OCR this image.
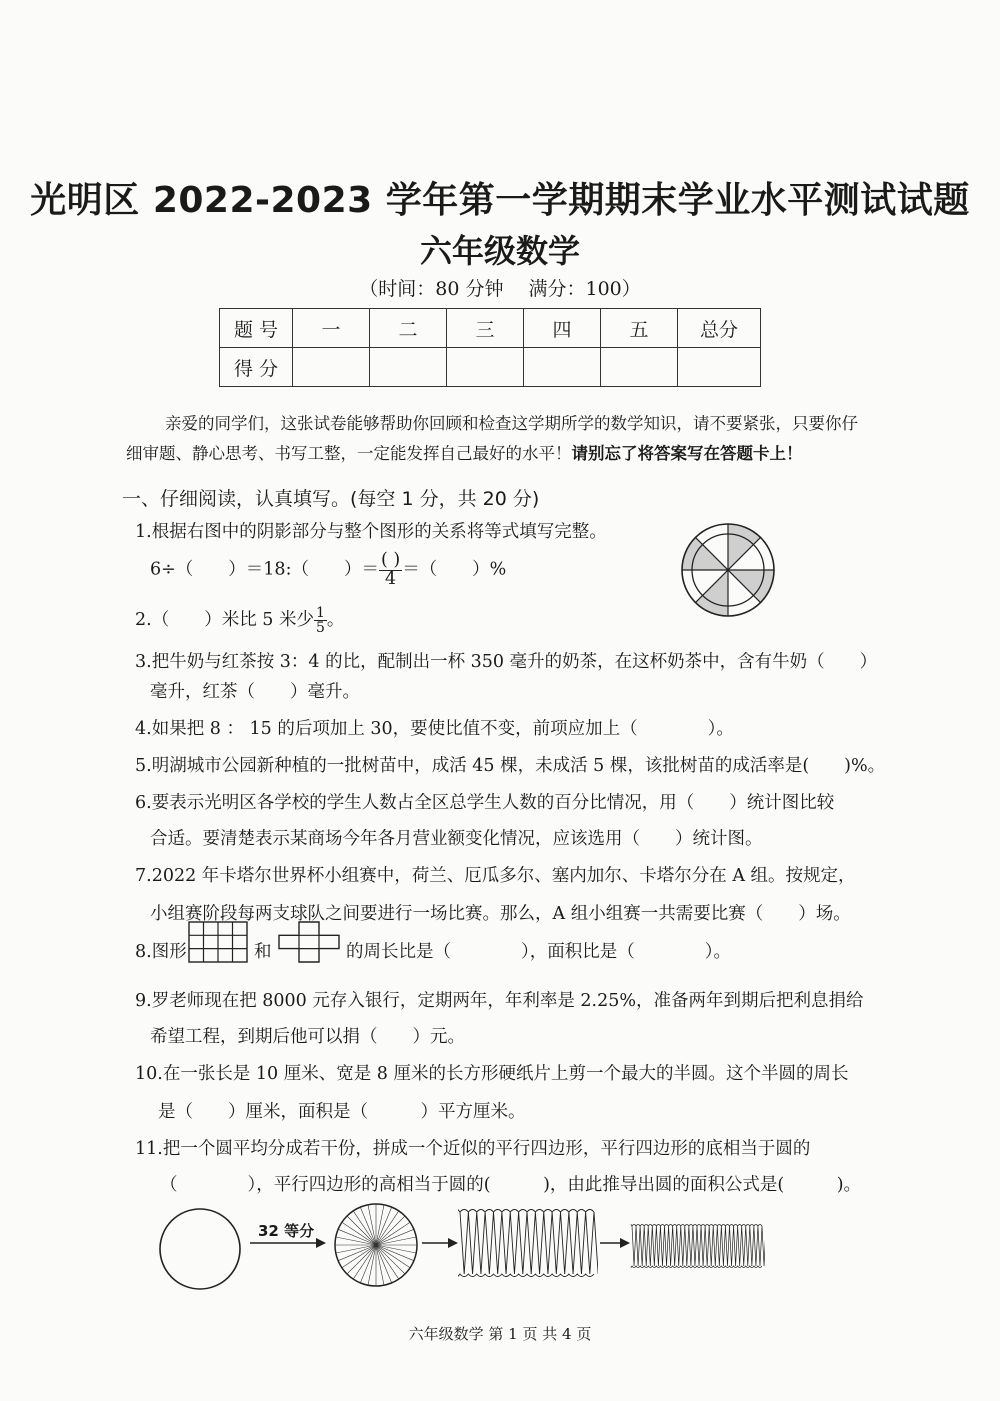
光明区 2022-2023 学年第一学期期末学业水平测试试题
六年级数学
（时间：80 分钟　 满分：100）
题 号	一	二	三	四	五	总分
得 分						
亲爱的同学们，这张试卷能够帮助你回顾和检查这学期所学的数学知识，请不要紧张，只要你仔
细审题、静心思考、书写工整，一定能发挥自己最好的水平！请别忘了将答案写在答题卡上！
一、仔细阅读，认真填写。(每空 1 分，共 20 分)
1.根据右图中的阴影部分与整个图形的关系将等式填写完整。
6÷（　　）＝18:（　　）＝ $\frac{( )}{4}$ ＝（　　）%
2.（　　）米比 5 米少 $\frac{1}{5}$ 。
3.把牛奶与红茶按 3：4 的比，配制出一杯 350 毫升的奶茶，在这杯奶茶中，含有牛奶（　　）
毫升，红茶（　　）毫升。
4.如果把 8 ： 15 的后项加上 30，要使比值不变，前项应加上（　　　　）。
5.明湖城市公园新种植的一批树苗中，成活 45 棵，未成活 5 棵，该批树苗的成活率是(　　)%。
6.要表示光明区各学校的学生人数占全区总学生人数的百分比情况，用（　　）统计图比较
合适。要清楚表示某商场今年各月营业额变化情况，应该选用（　　）统计图。
7.2022 年卡塔尔世界杯小组赛中，荷兰、厄瓜多尔、塞内加尔、卡塔尔分在 A 组。按规定，
小组赛阶段每两支球队之间要进行一场比赛。那么，A 组小组赛一共需要比赛（　　）场。
8.图形	和	的周长比是（　　　　），面积比是（　　　　）。
9.罗老师现在把 8000 元存入银行，定期两年，年利率是 2.25%，准备两年到期后把利息捐给
希望工程，到期后他可以捐（　　）元。
10.在一张长是 10 厘米、宽是 8 厘米的长方形硬纸片上剪一个最大的半圆。这个半圆的周长
是（　　）厘米，面积是（　　　）平方厘米。
11.把一个圆平均分成若干份，拼成一个近似的平行四边形，平行四边形的底相当于圆的
（　　　　），平行四边形的高相当于圆的(　　　)，由此推导出圆的面积公式是(　　　)。
32 等分
六年级数学 第 1 页 共 4 页
